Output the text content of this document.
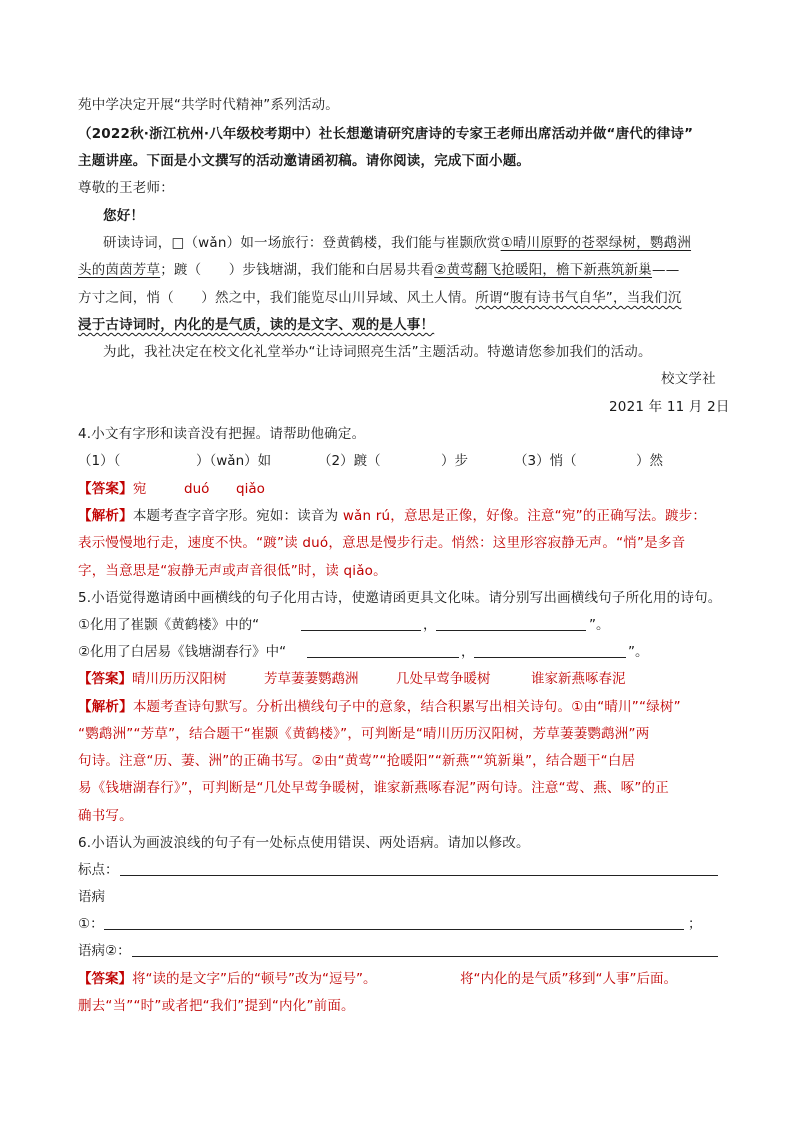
苑中学决定开展“共学时代精神”系列活动。
（2022秋·浙江杭州·八年级校考期中）社长想邀请研究唐诗的专家王老师出席活动并做“唐代的律诗”
主题讲座。下面是小文撰写的活动邀请函初稿。请你阅读，完成下面小题。
尊敬的王老师：
您好！
研读诗词，□（wǎn）如一场旅行：登黄鹤楼，我们能与崔颢欣赏①晴川原野的苍翠绿树，鹦鹉洲
头的茵茵芳草；踱（　　）步钱塘湖，我们能和白居易共看②黄莺翻飞抢暖阳，檐下新燕筑新巢——
方寸之间，悄（　　）然之中，我们能览尽山川异域、风土人情。所谓“腹有诗书气自华”，当我们沉
浸于古诗词时，内化的是气质，读的是文字、观的是人事！
为此，我社决定在校文化礼堂举办“让诗词照亮生活”主题活动。特邀请您参加我们的活动。
校文学社
2021 年 11 月 2日
4.小文有字形和读音没有把握。请帮助他确定。
（1）（	）（wǎn）如	（2）踱（	）步	（3）悄（	）然
【答案】宛	duó qiǎo
【解析】本题考查字音字形。宛如：读音为 wǎn rú，意思是正像，好像。注意“宛”的正确写法。踱步：
表示慢慢地行走，速度不快。“踱”读 duó，意思是慢步行走。悄然：这里形容寂静无声。“悄”是多音
字，当意思是“寂静无声或声音很低”时，读 qiǎo。
5.小语觉得邀请函中画横线的句子化用古诗，使邀请函更具文化味。请分别写出画横线句子所化用的诗句。
①化用了崔颢《黄鹤楼》中的“	，	”。
②化用了白居易《钱塘湖春行》中“	，	”。
【答案】晴川历历汉阳树	芳草萋萋鹦鹉洲	几处早莺争暖树	谁家新燕啄春泥
【解析】本题考查诗句默写。分析出横线句子中的意象，结合积累写出相关诗句。①由“晴川”“绿树”
“鹦鹉洲”“芳草”，结合题干“崔颢《黄鹤楼》”，可判断是“晴川历历汉阳树，芳草萋萋鹦鹉洲”两
句诗。注意“历、萋、洲”的正确书写。②由“黄莺”“抢暖阳”“新燕”“筑新巢”，结合题干“白居
易《钱塘湖春行》”，可判断是“几处早莺争暖树，谁家新燕啄春泥”两句诗。注意“莺、燕、啄”的正
确书写。
6.小语认为画波浪线的句子有一处标点使用错误、两处语病。请加以修改。
标点：
语病
①：	；
语病②：
【答案】将“读的是文字”后的“顿号”改为“逗号”。	将“内化的是气质”移到“人事”后面。
删去“当”“时”或者把“我们”提到“内化”前面。
